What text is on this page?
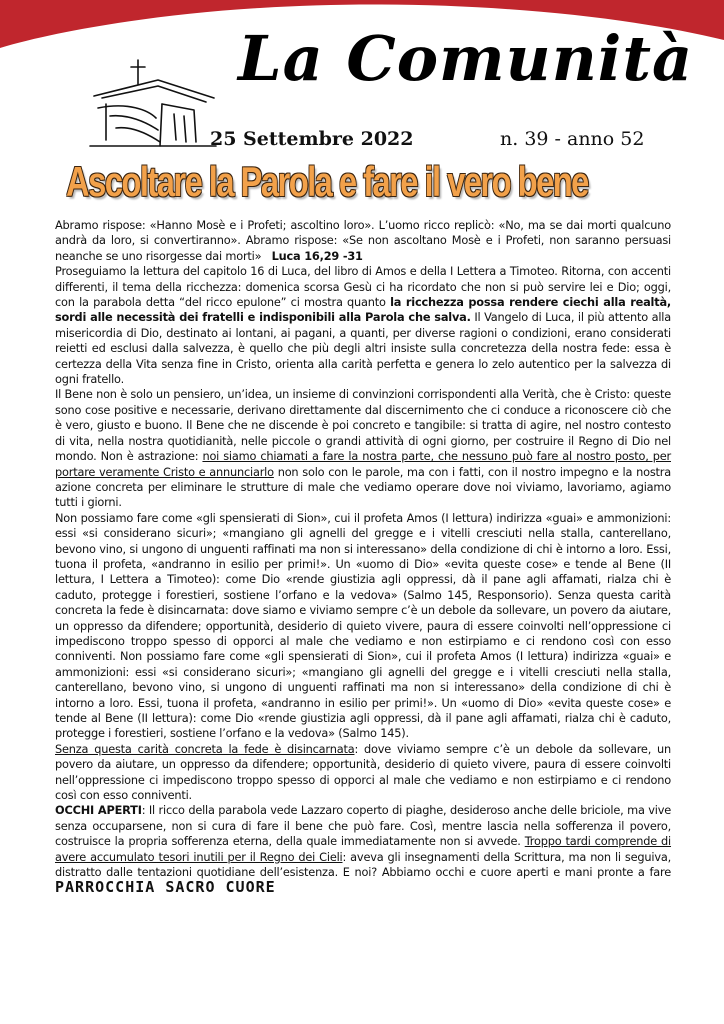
La Comunità
25 Settembre 2022	n. 39 - anno 52
Ascoltare la Parola e fare il vero bene

Abramo rispose: «Hanno Mosè e i Profeti; ascoltino loro». L’uomo ricco replicò: «No, ma se dai morti qualcuno andrà da loro, si convertiranno». Abramo rispose: «Se non ascoltano Mosè e i Profeti, non saranno persuasi neanche se uno risorgesse dai morti» Luca 16,29 -31

Proseguiamo la lettura del capitolo 16 di Luca, del libro di Amos e della I Lettera a Timoteo. Ritorna, con accenti differenti, il tema della ricchezza: domenica scorsa Gesù ci ha ricordato che non si può servire lei e Dio; oggi, con la parabola detta “del ricco epulone” ci mostra quanto la ricchezza possa rendere ciechi alla realtà, sordi alle necessità dei fratelli e indisponibili alla Parola che salva. Il Vangelo di Luca, il più attento alla misericordia di Dio, destinato ai lontani, ai pagani, a quanti, per diverse ragioni o condizioni, erano considerati reietti ed esclusi dalla salvezza, è quello che più degli altri insiste sulla concretezza della nostra fede: essa è certezza della Vita senza fine in Cristo, orienta alla carità perfetta e genera lo zelo autentico per la salvezza di ogni fratello.

Il Bene non è solo un pensiero, un’idea, un insieme di convinzioni corrispondenti alla Verità, che è Cristo: queste sono cose positive e necessarie, derivano direttamente dal discernimento che ci conduce a riconoscere ciò che è vero, giusto e buono. Il Bene che ne discende è poi concreto e tangibile: si tratta di agire, nel nostro contesto di vita, nella nostra quotidianità, nelle piccole o grandi attività di ogni giorno, per costruire il Regno di Dio nel mondo. Non è astrazione: noi siamo chiamati a fare la nostra parte, che nessuno può fare al nostro posto, per portare veramente Cristo e annunciarlo non solo con le parole, ma con i fatti, con il nostro impegno e la nostra azione concreta per eliminare le strutture di male che vediamo operare dove noi viviamo, lavoriamo, agiamo tutti i giorni.

Non possiamo fare come «gli spensierati di Sion», cui il profeta Amos (I lettura) indirizza «guai» e ammonizioni: essi «si considerano sicuri»; «mangiano gli agnelli del gregge e i vitelli cresciuti nella stalla, canterellano, bevono vino, si ungono di unguenti raffinati ma non si interessano» della condizione di chi è intorno a loro. Essi, tuona il profeta, «andranno in esilio per primi!». Un «uomo di Dio» «evita queste cose» e tende al Bene (II lettura, I Lettera a Timoteo): come Dio «rende giustizia agli oppressi, dà il pane agli affamati, rialza chi è caduto, protegge i forestieri, sostiene l’orfano e la vedova» (Salmo 145, Responsorio). Senza questa carità concreta la fede è disincarnata: dove siamo e viviamo sempre c’è un debole da sollevare, un povero da aiutare, un oppresso da difendere; opportunità, desiderio di quieto vivere, paura di essere coinvolti nell’oppressione ci impediscono troppo spesso di opporci al male che vediamo e non estirpiamo e ci rendono così con esso conniventi. Non possiamo fare come «gli spensierati di Sion», cui il profeta Amos (I lettura) indirizza «guai» e ammonizioni: essi «si considerano sicuri»; «mangiano gli agnelli del gregge e i vitelli cresciuti nella stalla, canterellano, bevono vino, si ungono di unguenti raffinati ma non si interessano» della condizione di chi è intorno a loro. Essi, tuona il profeta, «andranno in esilio per primi!». Un «uomo di Dio» «evita queste cose» e tende al Bene (II lettura): come Dio «rende giustizia agli oppressi, dà il pane agli affamati, rialza chi è caduto, protegge i forestieri, sostiene l’orfano e la vedova» (Salmo 145).

Senza questa carità concreta la fede è disincarnata: dove viviamo sempre c’è un debole da sollevare, un povero da aiutare, un oppresso da difendere; opportunità, desiderio di quieto vivere, paura di essere coinvolti nell’oppressione ci impediscono troppo spesso di opporci al male che vediamo e non estirpiamo e ci rendono così con esso conniventi.

OCCHI APERTI: Il ricco della parabola vede Lazzaro coperto di piaghe, desideroso anche delle briciole, ma vive senza occuparsene, non si cura di fare il bene che può fare. Così, mentre lascia nella sofferenza il povero, costruisce la propria sofferenza eterna, della quale immediatamente non si avvede. Troppo tardi comprende di avere accumulato tesori inutili per il Regno dei Cieli: aveva gli insegnamenti della Scrittura, ma non li seguiva, distratto dalle tentazioni quotidiane dell’esistenza. E noi? Abbiamo occhi e cuore aperti e mani pronte a fare PARROCCHIA SACRO CUORE
